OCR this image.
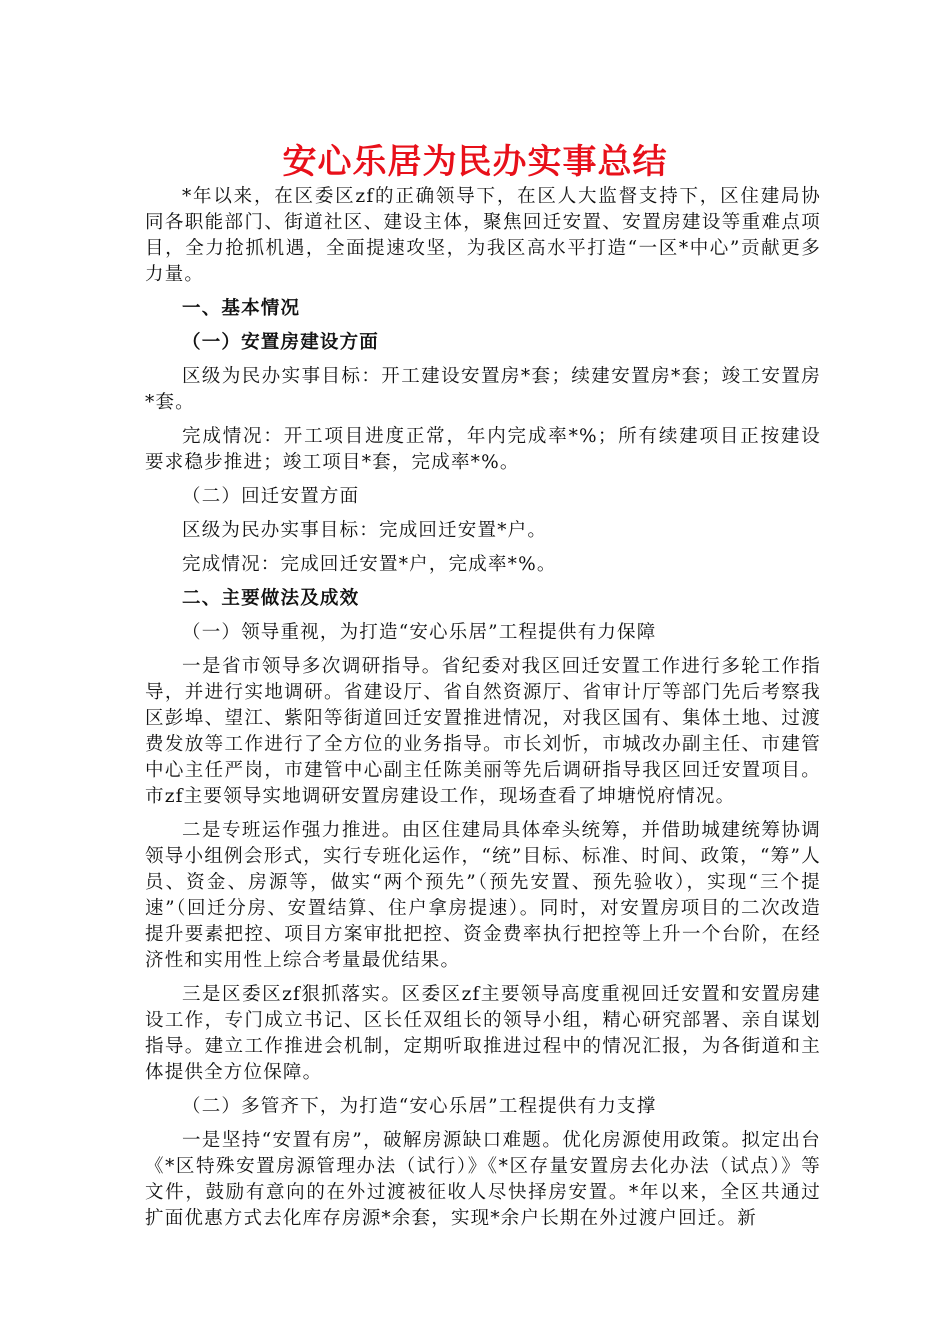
安心乐居为民办实事总结

*年以来，在区委区zf的正确领导下，在区人大监督支持下，区住建局协同各职能部门、街道社区、建设主体，聚焦回迁安置、安置房建设等重难点项目，全力抢抓机遇，全面提速攻坚，为我区高水平打造“一区*中心”贡献更多力量。

一、基本情况

（一）安置房建设方面

区级为民办实事目标：开工建设安置房*套；续建安置房*套；竣工安置房*套。

完成情况：开工项目进度正常，年内完成率*%；所有续建项目正按建设要求稳步推进；竣工项目*套，完成率*%。

（二）回迁安置方面

区级为民办实事目标：完成回迁安置*户。

完成情况：完成回迁安置*户，完成率*%。

二、主要做法及成效

（一）领导重视，为打造“安心乐居”工程提供有力保障

一是省市领导多次调研指导。省纪委对我区回迁安置工作进行多轮工作指导，并进行实地调研。省建设厅、省自然资源厅、省审计厅等部门先后考察我区彭埠、望江、紫阳等街道回迁安置推进情况，对我区国有、集体土地、过渡费发放等工作进行了全方位的业务指导。市长刘忻，市城改办副主任、市建管中心主任严岗，市建管中心副主任陈美丽等先后调研指导我区回迁安置项目。市zf主要领导实地调研安置房建设工作，现场查看了坤塘悦府情况。

二是专班运作强力推进。由区住建局具体牵头统筹，并借助城建统筹协调领导小组例会形式，实行专班化运作，“统”目标、标准、时间、政策，“筹”人员、资金、房源等，做实“两个预先”（预先安置、预先验收），实现“三个提速”（回迁分房、安置结算、住户拿房提速）。同时，对安置房项目的二次改造提升要素把控、项目方案审批把控、资金费率执行把控等上升一个台阶，在经济性和实用性上综合考量最优结果。

三是区委区zf狠抓落实。区委区zf主要领导高度重视回迁安置和安置房建设工作，专门成立书记、区长任双组长的领导小组，精心研究部署、亲自谋划指导。建立工作推进会机制，定期听取推进过程中的情况汇报，为各街道和主体提供全方位保障。

（二）多管齐下，为打造“安心乐居”工程提供有力支撑

一是坚持“安置有房”，破解房源缺口难题。优化房源使用政策。拟定出台《*区特殊安置房源管理办法（试行）》《*区存量安置房去化办法（试点）》等文件，鼓励有意向的在外过渡被征收人尽快择房安置。*年以来，全区共通过扩面优惠方式去化库存房源*余套，实现*余户长期在外过渡户回迁。新
